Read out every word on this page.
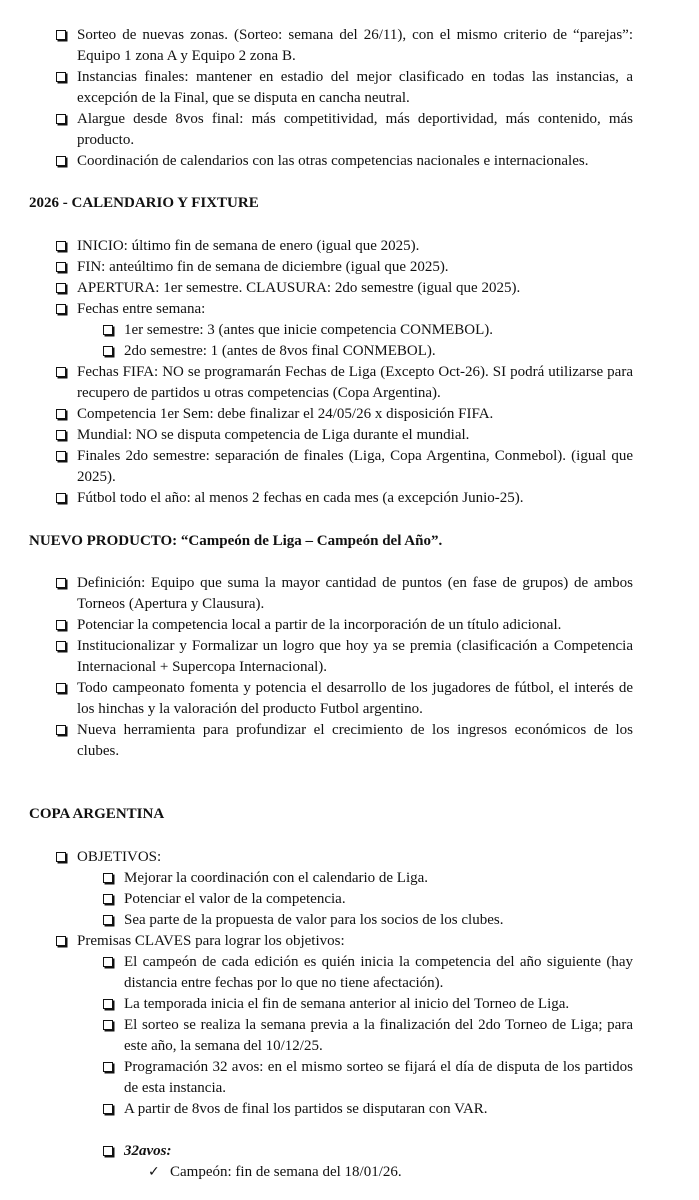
Sorteo de nuevas zonas. (Sorteo: semana del 26/11), con el mismo criterio de “parejas”: Equipo 1 zona A y Equipo 2 zona B.
Instancias finales: mantener en estadio del mejor clasificado en todas las instancias, a excepción de la Final, que se disputa en cancha neutral.
Alargue desde 8vos final: más competitividad, más deportividad, más contenido, más producto.
Coordinación de calendarios con las otras competencias nacionales e internacionales.
2026 - CALENDARIO Y FIXTURE
INICIO: último fin de semana de enero (igual que 2025).
FIN: anteúltimo fin de semana de diciembre (igual que 2025).
APERTURA: 1er semestre. CLAUSURA: 2do semestre (igual que 2025).
Fechas entre semana:
1er semestre: 3 (antes que inicie competencia CONMEBOL).
2do semestre: 1 (antes de 8vos final CONMEBOL).
Fechas FIFA: NO se programarán Fechas de Liga (Excepto Oct-26). SI podrá utilizarse para recupero de partidos u otras competencias (Copa Argentina).
Competencia 1er Sem: debe finalizar el 24/05/26 x disposición FIFA.
Mundial: NO se disputa competencia de Liga durante el mundial.
Finales 2do semestre: separación de finales (Liga, Copa Argentina, Conmebol). (igual que 2025).
Fútbol todo el año: al menos 2 fechas en cada mes (a excepción Junio-25).
NUEVO PRODUCTO: “Campeón de Liga – Campeón del Año”.
Definición: Equipo que suma la mayor cantidad de puntos (en fase de grupos) de ambos Torneos (Apertura y Clausura).
Potenciar la competencia local a partir de la incorporación de un título adicional.
Institucionalizar y Formalizar un logro que hoy ya se premia (clasificación a Competencia Internacional + Supercopa Internacional).
Todo campeonato fomenta y potencia el desarrollo de los jugadores de fútbol, el interés de los hinchas y la valoración del producto Futbol argentino.
Nueva herramienta para profundizar el crecimiento de los ingresos económicos de los clubes.
COPA ARGENTINA
OBJETIVOS:
Mejorar la coordinación con el calendario de Liga.
Potenciar el valor de la competencia.
Sea parte de la propuesta de valor para los socios de los clubes.
Premisas CLAVES para lograr los objetivos:
El campeón de cada edición es quién inicia la competencia del año siguiente (hay distancia entre fechas por lo que no tiene afectación).
La temporada inicia el fin de semana anterior al inicio del Torneo de Liga.
El sorteo se realiza la semana previa a la finalización del 2do Torneo de Liga; para este año, la semana del 10/12/25.
Programación 32 avos: en el mismo sorteo se fijará el día de disputa de los partidos de esta instancia.
A partir de 8vos de final los partidos se disputaran con VAR.
32avos:
✓ Campeón: fin de semana del 18/01/26.
